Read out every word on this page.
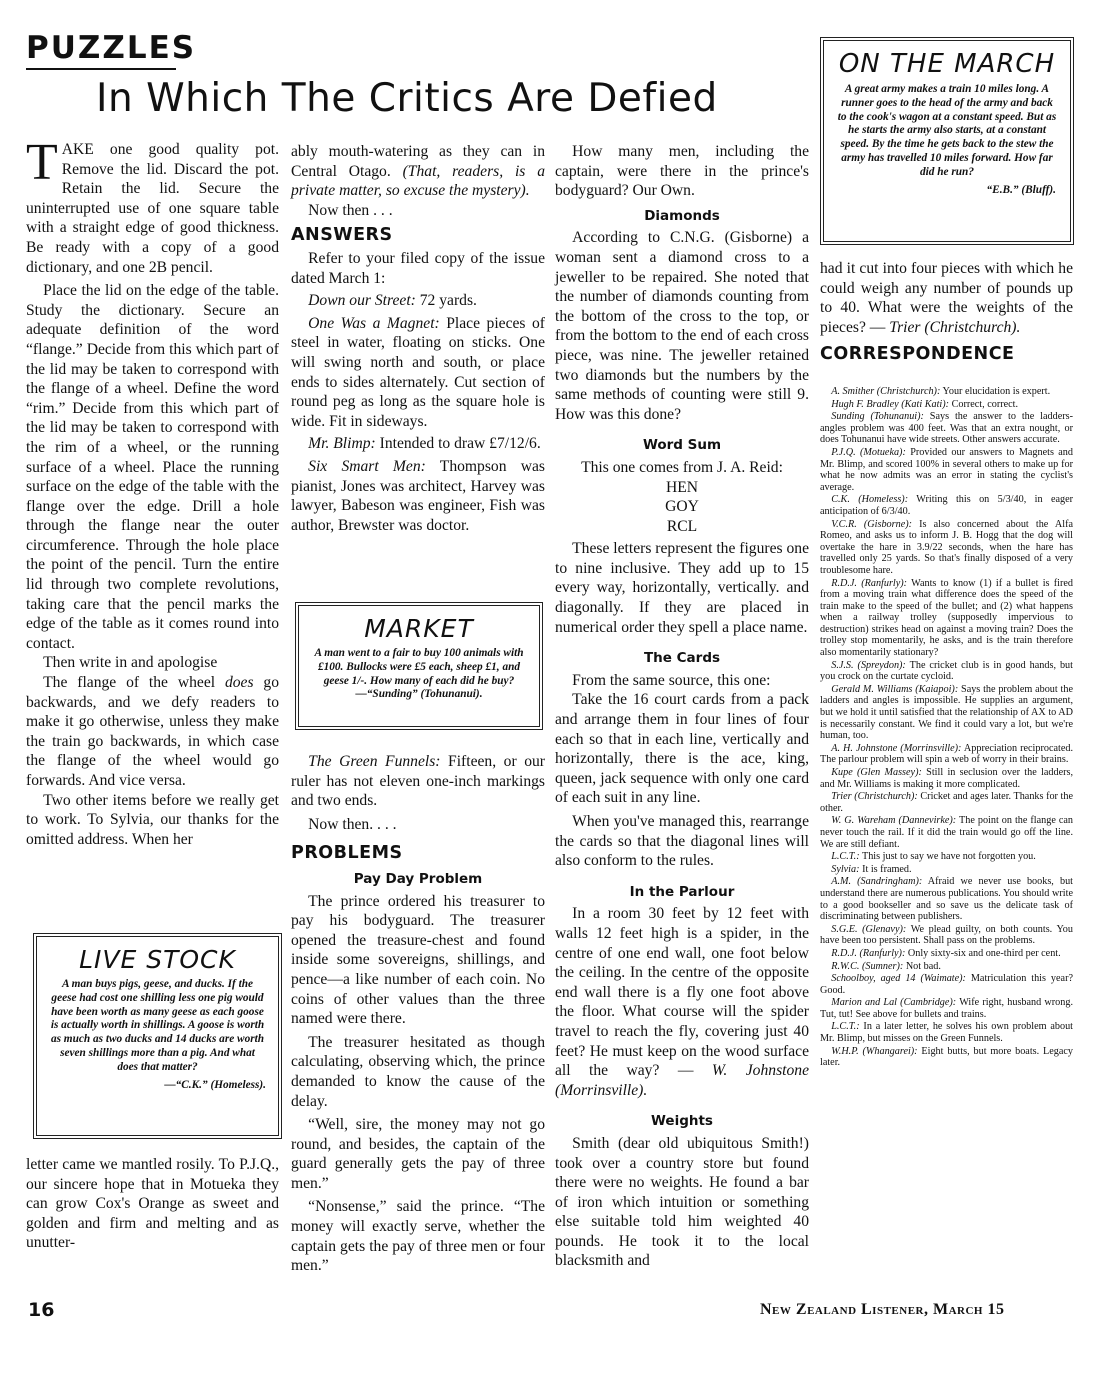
PUZZLES
In Which The Critics Are Defied

TAKE one good quality pot. Remove the lid. Discard the pot. Retain the lid. Secure the uninterrupted use of one square table with a straight edge of good thickness. Be ready with a copy of a good dictionary, and one 2B pencil.

Place the lid on the edge of the table. Study the dictionary. Secure an adequate definition of the word “flange.” Decide from this which part of the lid may be taken to correspond with the flange of a wheel. Define the word “rim.” Decide from this which part of the lid may be taken to correspond with the rim of a wheel, or the running surface of a wheel. Place the running surface on the edge of the table with the flange over the edge. Drill a hole through the flange near the outer circumference. Through the hole place the point of the pencil. Turn the entire lid through two complete revolutions, taking care that the pencil marks the edge of the table as it comes round into contact.

Then write in and apologise

The flange of the wheel does go backwards, and we defy readers to make it go otherwise, unless they make the train go backwards, in which case the flange of the wheel would go forwards. And vice versa.

Two other items before we really get to work. To Sylvia, our thanks for the omitted address. When her

LIVE STOCK
A man buys pigs, geese, and ducks. If the geese had cost one shilling less one pig would have been worth as many geese as each goose is actually worth in shillings. A goose is worth as much as two ducks and 14 ducks are worth seven shillings more than a pig. And what does that matter?
—“C.K.” (Homeless).

letter came we mantled rosily. To P.J.Q., our sincere hope that in Motueka they can grow Cox's Orange as sweet and golden and firm and melting and as unutter-

ably mouth-watering as they can in Central Otago. (That, readers, is a private matter, so excuse the mystery).

Now then . . .

ANSWERS

Refer to your filed copy of the issue dated March 1:

Down our Street: 72 yards.

One Was a Magnet: Place pieces of steel in water, floating on sticks. One will swing north and south, or place ends to sides alternately. Cut section of round peg as long as the square hole is wide. Fit in sideways.

Mr. Blimp: Intended to draw £7/12/6.

Six Smart Men: Thompson was pianist, Jones was architect, Harvey was lawyer, Babeson was engineer, Fish was author, Brewster was doctor.

MARKET
A man went to a fair to buy 100 animals with £100. Bullocks were £5 each, sheep £1, and geese 1/-. How many of each did he buy?—“Sunding” (Tohunanui).

The Green Funnels: Fifteen, or our ruler has not eleven one-inch markings and two ends.

Now then. . . .

PROBLEMS
Pay Day Problem

The prince ordered his treasurer to pay his bodyguard. The treasurer opened the treasure-chest and found inside some sovereigns, shillings, and pence—a like number of each coin. No coins of other values than the three named were there.

The treasurer hesitated as though calculating, observing which, the prince demanded to know the cause of the delay.

“Well, sire, the money may not go round, and besides, the captain of the guard generally gets the pay of three men.”

“Nonsense,” said the prince. “The money will exactly serve, whether the captain gets the pay of three men or four men.”

How many men, including the captain, were there in the prince's bodyguard? Our Own.

Diamonds

According to C.N.G. (Gisborne) a woman sent a diamond cross to a jeweller to be repaired. She noted that the number of diamonds counting from the bottom of the cross to the top, or from the bottom to the end of each cross piece, was nine. The jeweller retained two diamonds but the numbers by the same methods of counting were still 9. How was this done?

Word Sum

This one comes from J. A. Reid:

HEN

GOY

RCL

These letters represent the figures one to nine inclusive. They add up to 15 every way, horizontally, vertically. and diagonally. If they are placed in numerical order they spell a place name.

The Cards

From the same source, this one:

Take the 16 court cards from a pack and arrange them in four lines of four each so that in each line, vertically and horizontally, there is the ace, king, queen, jack sequence with only one card of each suit in any line.

When you've managed this, rearrange the cards so that the diagonal lines will also conform to the rules.

In the Parlour

In a room 30 feet by 12 feet with walls 12 feet high is a spider, in the centre of one end wall, one foot below the ceiling. In the centre of the opposite end wall there is a fly one foot above the floor. What course will the spider travel to reach the fly, covering just 40 feet? He must keep on the wood surface all the way? — W. Johnstone (Morrinsville).

Weights

Smith (dear old ubiquitous Smith!) took over a country store but found there were no weights. He found a bar of iron which intuition or something else suitable told him weighted 40 pounds. He took it to the local blacksmith and

ON THE MARCH
A great army makes a train 10 miles long. A runner goes to the head of the army and back to the cook's wagon at a constant speed. But as he starts the army also starts, at a constant speed. By the time he gets back to the stew the army has travelled 10 miles forward. How far did he run?
“E.B.” (Bluff).

had it cut into four pieces with which he could weigh any number of pounds up to 40. What were the weights of the pieces? — Trier (Christchurch).

CORRESPONDENCE

A. Smither (Christchurch): Your elucidation is expert.

Hugh F. Bradley (Kati Kati): Correct, correct.

Sunding (Tohunanui): Says the answer to the ladders-angles problem was 400 feet. Was that an extra nought, or does Tohunanui have wide streets. Other answers accurate.

P.J.Q. (Motueka): Provided our answers to Magnets and Mr. Blimp, and scored 100% in several others to make up for what he now admits was an error in stating the cyclist's average.

C.K. (Homeless): Writing this on 5/3/40, in eager anticipation of 6/3/40.

V.C.R. (Gisborne): Is also concerned about the Alfa Romeo, and asks us to inform J. B. Hogg that the dog will overtake the hare in 3.9/22 seconds, when the hare has travelled only 25 yards. So that's finally disposed of a very troublesome hare.

R.D.J. (Ranfurly): Wants to know (1) if a bullet is fired from a moving train what difference does the speed of the train make to the speed of the bullet; and (2) what happens when a railway trolley (supposedly impervious to destruction) strikes head on against a moving train? Does the trolley stop momentarily, he asks, and is the train therefore also momentarily stationary?

S.J.S. (Spreydon): The cricket club is in good hands, but you crock on the curtate cycloid.

Gerald M. Williams (Kaiapoi): Says the problem about the ladders and angles is impossible. He supplies an argument, but we hold it until satisfied that the relationship of AX to AD is necessarily constant. We find it could vary a lot, but we're human, too.

A. H. Johnstone (Morrinsville): Appreciation reciprocated. The parlour problem will spin a web of worry in their brains.

Kupe (Glen Massey): Still in seclusion over the ladders, and Mr. Williams is making it more complicated.

Trier (Christchurch): Cricket and ages later. Thanks for the other.

W. G. Wareham (Dannevirke): The point on the flange can never touch the rail. If it did the train would go off the line. We are still defiant.

L.C.T.: This just to say we have not forgotten you.

Sylvia: It is framed.

A.M. (Sandringham): Afraid we never use books, but understand there are numerous publications. You should write to a good bookseller and so save us the delicate task of discriminating between publishers.

S.G.E. (Glenavy): We plead guilty, on both counts. You have been too persistent. Shall pass on the problems.

R.D.J. (Ranfurly): Only sixty-six and one-third per cent.

R.W.C. (Sumner): Not bad.

Schoolboy, aged 14 (Waimate): Matriculation this year? Good.

Marion and Lal (Cambridge): Wife right, husband wrong. Tut, tut! See above for bullets and trains.

L.C.T.: In a later letter, he solves his own problem about Mr. Blimp, but misses on the Green Funnels.

W.H.P. (Whangarei): Eight butts, but more boats. Legacy later.

16	New Zealand Listener, March 15
